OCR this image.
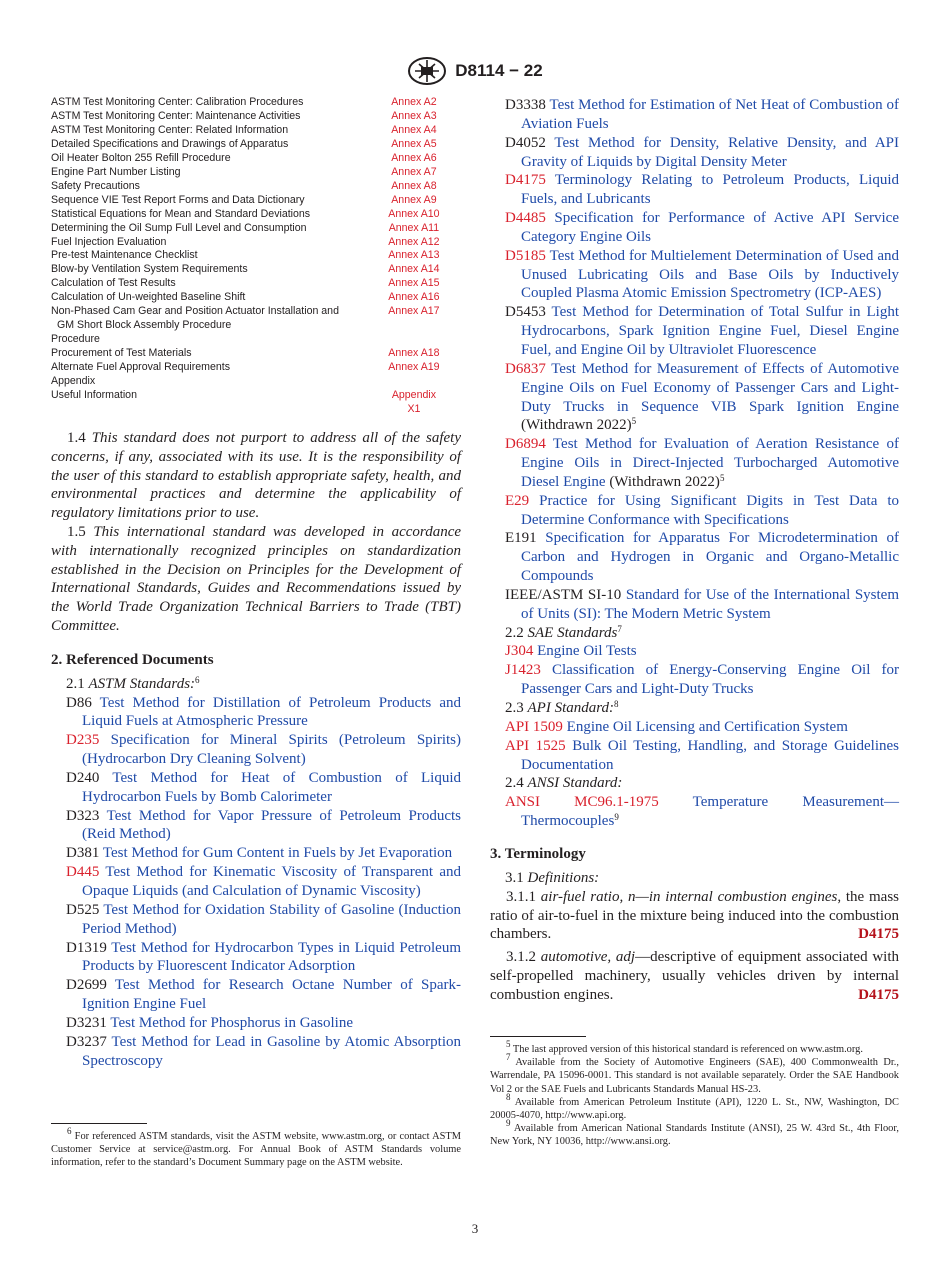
D8114 − 22
ASTM Test Monitoring Center: Calibration Procedures	Annex A2
ASTM Test Monitoring Center: Maintenance Activities	Annex A3
ASTM Test Monitoring Center: Related Information	Annex A4
Detailed Specifications and Drawings of Apparatus	Annex A5
Oil Heater Bolton 255 Refill Procedure	Annex A6
Engine Part Number Listing	Annex A7
Safety Precautions	Annex A8
Sequence VIE Test Report Forms and Data Dictionary	Annex A9
Statistical Equations for Mean and Standard Deviations	Annex A10
Determining the Oil Sump Full Level and Consumption	Annex A11
Fuel Injection Evaluation	Annex A12
Pre-test Maintenance Checklist	Annex A13
Blow-by Ventilation System Requirements	Annex A14
Calculation of Test Results	Annex A15
Calculation of Un-weighted Baseline Shift	Annex A16
Non-Phased Cam Gear and Position Actuator Installation and	Annex A17
GM Short Block Assembly Procedure
Procedure
Procurement of Test Materials	Annex A18
Alternate Fuel Approval Requirements	Annex A19
Appendix
Useful Information	Appendix
X1

1.4 This standard does not purport to address all of the safety concerns, if any, associated with its use. It is the responsibility of the user of this standard to establish appropriate safety, health, and environmental practices and determine the applicability of regulatory limitations prior to use.

1.5 This international standard was developed in accordance with internationally recognized principles on standardization established in the Decision on Principles for the Development of International Standards, Guides and Recommendations issued by the World Trade Organization Technical Barriers to Trade (TBT) Committee.

2. Referenced Documents
2.1 ASTM Standards:$^6$
D86 Test Method for Distillation of Petroleum Products and Liquid Fuels at Atmospheric Pressure
D235 Specification for Mineral Spirits (Petroleum Spirits) (Hydrocarbon Dry Cleaning Solvent)
D240 Test Method for Heat of Combustion of Liquid Hydrocarbon Fuels by Bomb Calorimeter
D323 Test Method for Vapor Pressure of Petroleum Products (Reid Method)
D381 Test Method for Gum Content in Fuels by Jet Evaporation
D445 Test Method for Kinematic Viscosity of Transparent and Opaque Liquids (and Calculation of Dynamic Viscosity)
D525 Test Method for Oxidation Stability of Gasoline (Induction Period Method)
D1319 Test Method for Hydrocarbon Types in Liquid Petroleum Products by Fluorescent Indicator Adsorption
D2699 Test Method for Research Octane Number of Spark-Ignition Engine Fuel
D3231 Test Method for Phosphorus in Gasoline
D3237 Test Method for Lead in Gasoline by Atomic Absorption Spectroscopy
$^6$ For referenced ASTM standards, visit the ASTM website, www.astm.org, or contact ASTM Customer Service at service@astm.org. For Annual Book of ASTM Standards volume information, refer to the standard’s Document Summary page on the ASTM website.
D3338 Test Method for Estimation of Net Heat of Combustion of Aviation Fuels
D4052 Test Method for Density, Relative Density, and API Gravity of Liquids by Digital Density Meter
D4175 Terminology Relating to Petroleum Products, Liquid Fuels, and Lubricants
D4485 Specification for Performance of Active API Service Category Engine Oils
D5185 Test Method for Multielement Determination of Used and Unused Lubricating Oils and Base Oils by Inductively Coupled Plasma Atomic Emission Spectrometry (ICP-AES)
D5453 Test Method for Determination of Total Sulfur in Light Hydrocarbons, Spark Ignition Engine Fuel, Diesel Engine Fuel, and Engine Oil by Ultraviolet Fluorescence
D6837 Test Method for Measurement of Effects of Automotive Engine Oils on Fuel Economy of Passenger Cars and Light-Duty Trucks in Sequence VIB Spark Ignition Engine (Withdrawn 2022)$^5$
D6894 Test Method for Evaluation of Aeration Resistance of Engine Oils in Direct-Injected Turbocharged Automotive Diesel Engine (Withdrawn 2022)$^5$
E29 Practice for Using Significant Digits in Test Data to Determine Conformance with Specifications
E191 Specification for Apparatus For Microdetermination of Carbon and Hydrogen in Organic and Organo-Metallic Compounds
IEEE/ASTM SI-10 Standard for Use of the International System of Units (SI): The Modern Metric System
2.2 SAE Standards$^7$
J304 Engine Oil Tests
J1423 Classification of Energy-Conserving Engine Oil for Passenger Cars and Light-Duty Trucks
2.3 API Standard:$^8$
API 1509 Engine Oil Licensing and Certification System
API 1525 Bulk Oil Testing, Handling, and Storage Guidelines Documentation
2.4 ANSI Standard:
ANSI MC96.1-1975 Temperature Measurement—Thermocouples$^9$
3. Terminology
3.1 Definitions:
3.1.1 air-fuel ratio, n—in internal combustion engines, the mass ratio of air-to-fuel in the mixture being induced into the combustion chambers.	D4175
3.1.2 automotive, adj—descriptive of equipment associated with self-propelled machinery, usually vehicles driven by internal combustion engines.	D4175
$^5$ The last approved version of this historical standard is referenced on www.astm.org.
$^7$ Available from the Society of Automotive Engineers (SAE), 400 Commonwealth Dr., Warrendale, PA 15096-0001. This standard is not available separately. Order the SAE Handbook Vol 2 or the SAE Fuels and Lubricants Standards Manual HS-23.
$^8$ Available from American Petroleum Institute (API), 1220 L. St., NW, Washington, DC 20005-4070, http://www.api.org.
$^9$ Available from American National Standards Institute (ANSI), 25 W. 43rd St., 4th Floor, New York, NY 10036, http://www.ansi.org.
3
